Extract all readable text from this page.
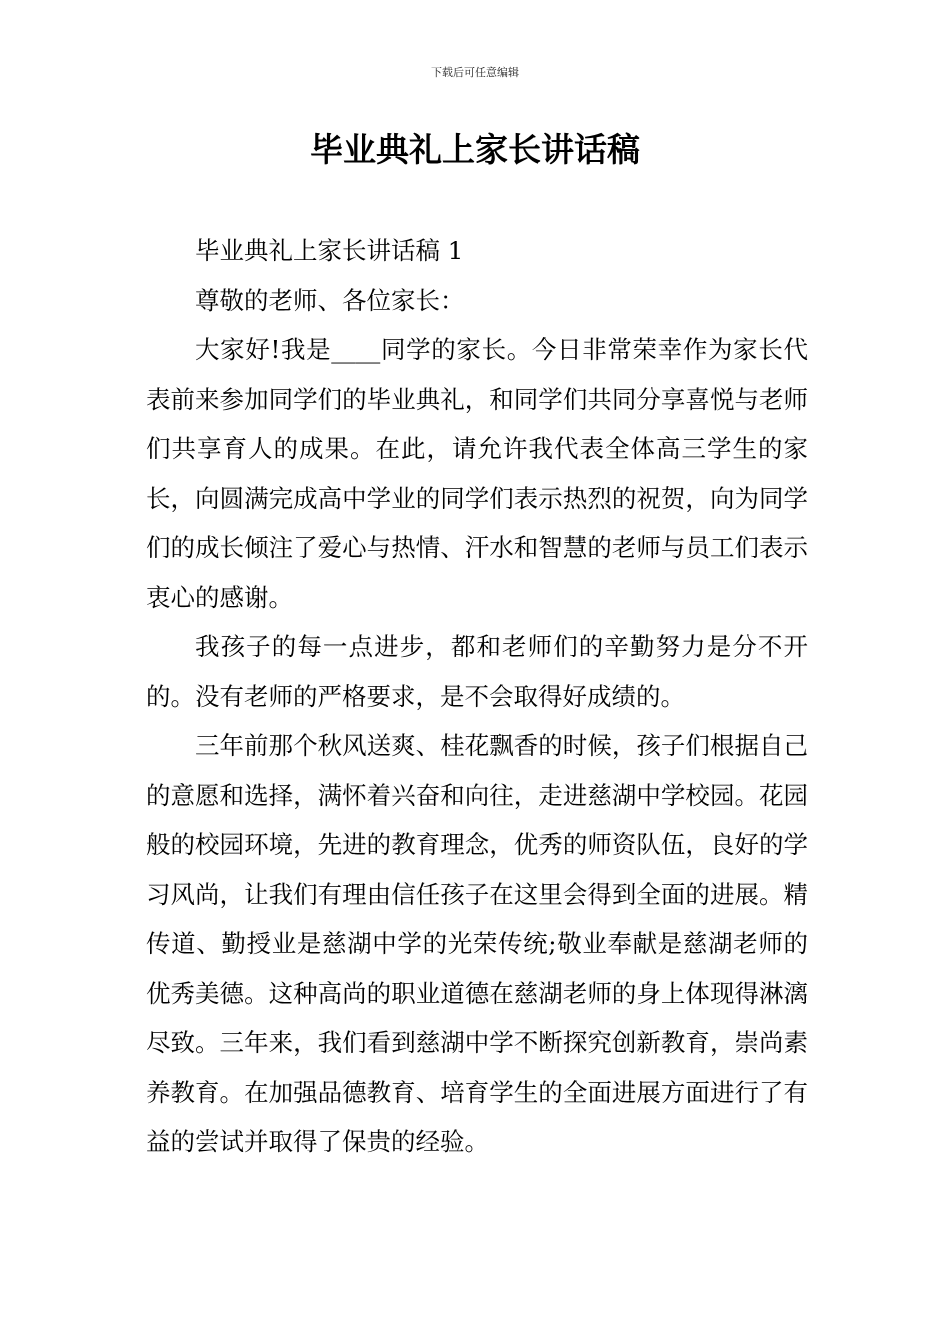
下载后可任意编辑
毕业典礼上家长讲话稿

毕业典礼上家长讲话稿 1

尊敬的老师、各位家长：

大家好!我是____同学的家长。今日非常荣幸作为家长代表前来参加同学们的毕业典礼，和同学们共同分享喜悦与老师们共享育人的成果。在此，请允许我代表全体高三学生的家长，向圆满完成高中学业的同学们表示热烈的祝贺，向为同学们的成长倾注了爱心与热情、汗水和智慧的老师与员工们表示衷心的感谢。

我孩子的每一点进步，都和老师们的辛勤努力是分不开的。没有老师的严格要求，是不会取得好成绩的。

三年前那个秋风送爽、桂花飘香的时候，孩子们根据自己的意愿和选择，满怀着兴奋和向往，走进慈湖中学校园。花园般的校园环境，先进的教育理念，优秀的师资队伍，良好的学习风尚，让我们有理由信任孩子在这里会得到全面的进展。精传道、勤授业是慈湖中学的光荣传统;敬业奉献是慈湖老师的优秀美德。这种高尚的职业道德在慈湖老师的身上体现得淋漓尽致。三年来，我们看到慈湖中学不断探究创新教育，崇尚素养教育。在加强品德教育、培育学生的全面进展方面进行了有益的尝试并取得了保贵的经验。
